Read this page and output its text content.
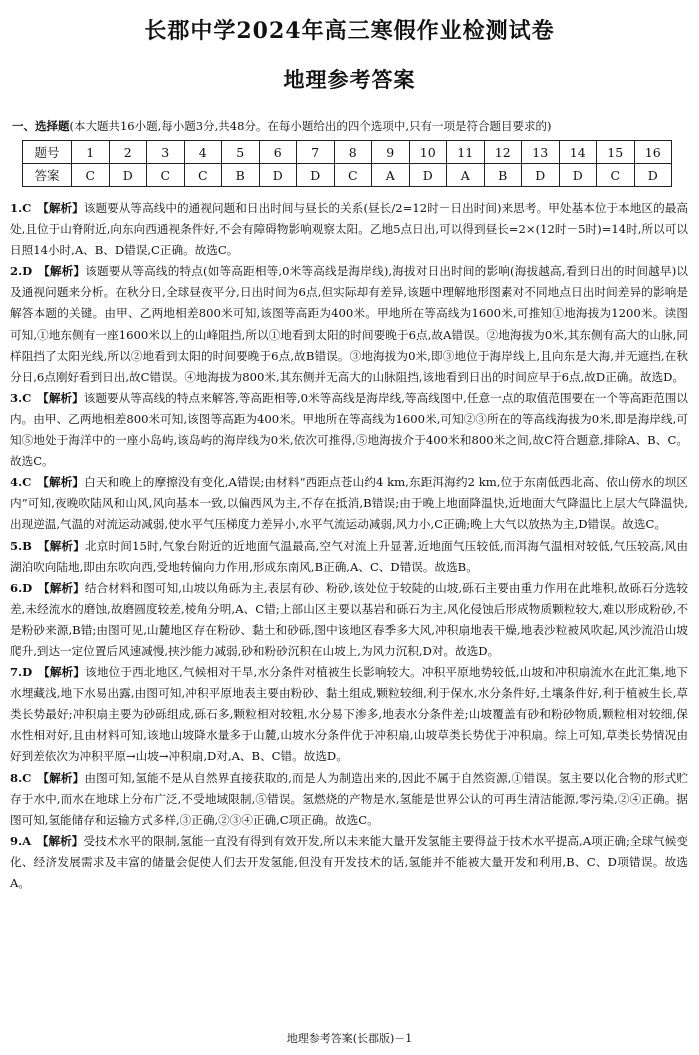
长郡中学2024年高三寒假作业检测试卷
地理参考答案
一、选择题(本大题共16小题,每小题3分,共48分。在每小题给出的四个选项中,只有一项是符合题目要求的)
题号	1	2	3	4	5	6	7	8	9	10	11	12	13	14	15	16
答案	C	D	C	C	B	D	D	C	A	D	A	B	D	D	C	D

1.C  【解析】该题要从等高线中的通视问题和日出时间与昼长的关系(昼长/2=12时－日出时间)来思考。甲处基本位于本地区的最高处,且位于山脊附近,向东向西通视条件好,不会有障碍物影响观察太阳。乙地5点日出,可以得到昼长=2×(12时－5时)=14时,所以可以日照14小时,A、B、D错误,C正确。故选C。

2.D  【解析】该题要从等高线的特点(如等高距相等,0米等高线是海岸线),海拔对日出时间的影响(海拔越高,看到日出的时间越早)以及通视问题来分析。在秋分日,全球昼夜平分,日出时间为6点,但实际却有差异,该题中理解地形图素对不同地点日出时间差异的影响是解答本题的关键。由甲、乙两地相差800米可知,该图等高距为400米。甲地所在等高线为1600米,可推知①地海拔为1200米。读图可知,①地东侧有一座1600米以上的山峰阻挡,所以①地看到太阳的时间要晚于6点,故A错误。②地海拔为0米,其东侧有高大的山脉,同样阻挡了太阳光线,所以②地看到太阳的时间要晚于6点,故B错误。③地海拔为0米,即③地位于海岸线上,且向东是大海,并无遮挡,在秋分日,6点刚好看到日出,故C错误。④地海拔为800米,其东侧并无高大的山脉阻挡,该地看到日出的时间应早于6点,故D正确。故选D。

3.C  【解析】该题要从等高线的特点来解答,等高距相等,0米等高线是海岸线,等高线图中,任意一点的取值范围要在一个等高距范围以内。由甲、乙两地相差800米可知,该图等高距为400米。甲地所在等高线为1600米,可知②③所在的等高线海拔为0米,即是海岸线,可知⑤地处于海洋中的一座小岛屿,该岛屿的海岸线为0米,依次可推得,⑤地海拔介于400米和800米之间,故C符合题意,排除A、B、C。故选C。

4.C  【解析】白天和晚上的摩擦没有变化,A错误;由材料“西距点苍山约4 km,东距洱海约2 km,位于东南低西北高、依山傍水的坝区内”可知,夜晚吹陆风和山风,风向基本一致,以偏西风为主,不存在抵消,B错误;由于晚上地面降温快,近地面大气降温比上层大气降温快,出现逆温,气温的对流运动减弱,使水平气压梯度力差异小,水平气流运动减弱,风力小,C正确;晚上大气以放热为主,D错误。故选C。

5.B  【解析】北京时间15时,气象台附近的近地面气温最高,空气对流上升显著,近地面气压较低,而洱海气温相对较低,气压较高,风由湖泊吹向陆地,即由东吹向西,受地转偏向力作用,形成东南风,B正确,A、C、D错误。故选B。

6.D  【解析】结合材料和图可知,山坡以角砾为主,表层有砂、粉砂,该处位于较陡的山坡,砾石主要由重力作用在此堆积,故砾石分选较差,未经流水的磨蚀,故磨圆度较差,棱角分明,A、C错;上部山区主要以基岩和砾石为主,风化侵蚀后形成物质颗粒较大,难以形成粉砂,不是粉砂来源,B错;由图可见,山麓地区存在粉砂、黏土和砂砾,图中该地区春季多大风,冲积扇地表干燥,地表沙粒被风吹起,风沙流沿山坡爬升,到达一定位置后风速减慢,挟沙能力减弱,砂和粉砂沉积在山坡上,为风力沉积,D对。故选D。

7.D  【解析】该地位于西北地区,气候相对干旱,水分条件对植被生长影响较大。冲积平原地势较低,山坡和冲积扇流水在此汇集,地下水埋藏浅,地下水易出露,由图可知,冲积平原地表主要由粉砂、黏土组成,颗粒较细,利于保水,水分条件好,土壤条件好,利于植被生长,草类长势最好;冲积扇主要为砂砾组成,砾石多,颗粒相对较粗,水分易下渗多,地表水分条件差;山坡覆盖有砂和粉砂物质,颗粒相对较细,保水性相对好,且由材料可知,该地山坡降水量多于山麓,山坡水分条件优于冲积扇,山坡草类长势优于冲积扇。综上可知,草类长势情况由好到差依次为冲积平原→山坡→冲积扇,D对,A、B、C错。故选D。

8.C  【解析】由图可知,氢能不是从自然界直接获取的,而是人为制造出来的,因此不属于自然资源,①错误。氢主要以化合物的形式贮存于水中,而水在地球上分布广泛,不受地域限制,⑤错误。氢燃烧的产物是水,氢能是世界公认的可再生清洁能源,零污染,②④正确。据图可知,氢能储存和运输方式多样,③正确,②③④正确,C项正确。故选C。

9.A  【解析】受技术水平的限制,氢能一直没有得到有效开发,所以未来能大量开发氢能主要得益于技术水平提高,A项正确;全球气候变化、经济发展需求及丰富的储量会促使人们去开发氢能,但没有开发技术的话,氢能并不能被大量开发和利用,B、C、D项错误。故选A。

地理参考答案(长郡版)－1
